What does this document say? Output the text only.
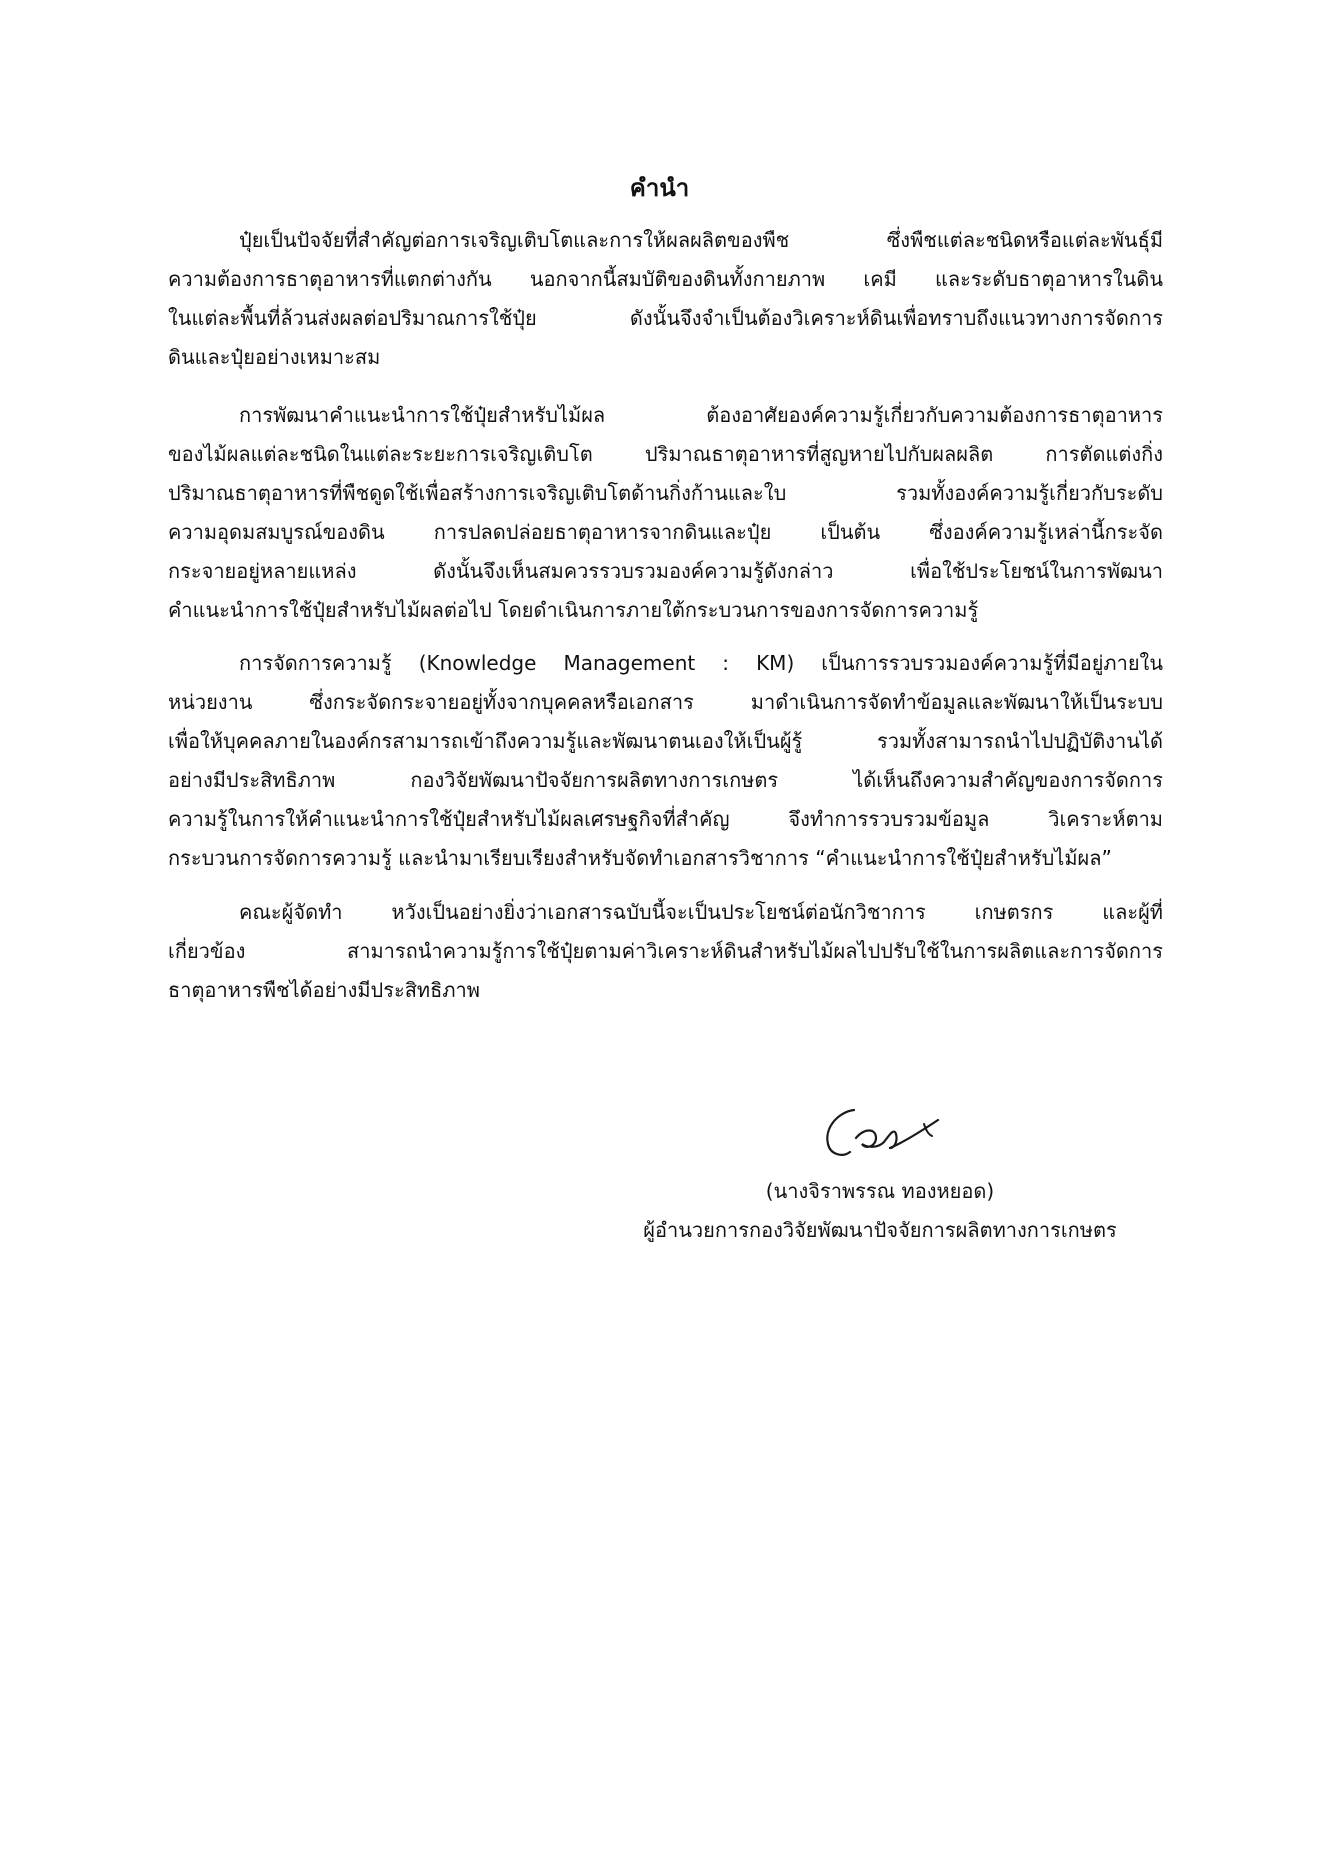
คำนำ
ปุ๋ยเป็นปัจจัยที่สำคัญต่อการเจริญเติบโตและการให้ผลผลิตของพืช ซึ่งพืชแต่ละชนิดหรือแต่ละพันธุ์มี
ความต้องการธาตุอาหารที่แตกต่างกัน นอกจากนี้สมบัติของดินทั้งกายภาพ เคมี และระดับธาตุอาหารในดิน
ในแต่ละพื้นที่ล้วนส่งผลต่อปริมาณการใช้ปุ๋ย ดังนั้นจึงจำเป็นต้องวิเคราะห์ดินเพื่อทราบถึงแนวทางการจัดการ
ดินและปุ๋ยอย่างเหมาะสม
การพัฒนาคำแนะนำการใช้ปุ๋ยสำหรับไม้ผล ต้องอาศัยองค์ความรู้เกี่ยวกับความต้องการธาตุอาหาร
ของไม้ผลแต่ละชนิดในแต่ละระยะการเจริญเติบโต ปริมาณธาตุอาหารที่สูญหายไปกับผลผลิต การตัดแต่งกิ่ง
ปริมาณธาตุอาหารที่พืชดูดใช้เพื่อสร้างการเจริญเติบโตด้านกิ่งก้านและใบ รวมทั้งองค์ความรู้เกี่ยวกับระดับ
ความอุดมสมบูรณ์ของดิน การปลดปล่อยธาตุอาหารจากดินและปุ๋ย เป็นต้น ซึ่งองค์ความรู้เหล่านี้กระจัด
กระจายอยู่หลายแหล่ง ดังนั้นจึงเห็นสมควรรวบรวมองค์ความรู้ดังกล่าว เพื่อใช้ประโยชน์ในการพัฒนา
คำแนะนำการใช้ปุ๋ยสำหรับไม้ผลต่อไป โดยดำเนินการภายใต้กระบวนการของการจัดการความรู้
การจัดการความรู้ (Knowledge Management : KM) เป็นการรวบรวมองค์ความรู้ที่มีอยู่ภายใน
หน่วยงาน ซึ่งกระจัดกระจายอยู่ทั้งจากบุคคลหรือเอกสาร มาดำเนินการจัดทำข้อมูลและพัฒนาให้เป็นระบบ
เพื่อให้บุคคลภายในองค์กรสามารถเข้าถึงความรู้และพัฒนาตนเองให้เป็นผู้รู้ รวมทั้งสามารถนำไปปฏิบัติงานได้
อย่างมีประสิทธิภาพ กองวิจัยพัฒนาปัจจัยการผลิตทางการเกษตร ได้เห็นถึงความสำคัญของการจัดการ
ความรู้ในการให้คำแนะนำการใช้ปุ๋ยสำหรับไม้ผลเศรษฐกิจที่สำคัญ จึงทำการรวบรวมข้อมูล วิเคราะห์ตาม
กระบวนการจัดการความรู้ และนำมาเรียบเรียงสำหรับจัดทำเอกสารวิชาการ “คำแนะนำการใช้ปุ๋ยสำหรับไม้ผล”
คณะผู้จัดทำ หวังเป็นอย่างยิ่งว่าเอกสารฉบับนี้จะเป็นประโยชน์ต่อนักวิชาการ เกษตรกร และผู้ที่
เกี่ยวข้อง สามารถนำความรู้การใช้ปุ๋ยตามค่าวิเคราะห์ดินสำหรับไม้ผลไปปรับใช้ในการผลิตและการจัดการ
ธาตุอาหารพืชได้อย่างมีประสิทธิภาพ
(นางจิราพรรณ ทองหยอด)
ผู้อำนวยการกองวิจัยพัฒนาปัจจัยการผลิตทางการเกษตร
